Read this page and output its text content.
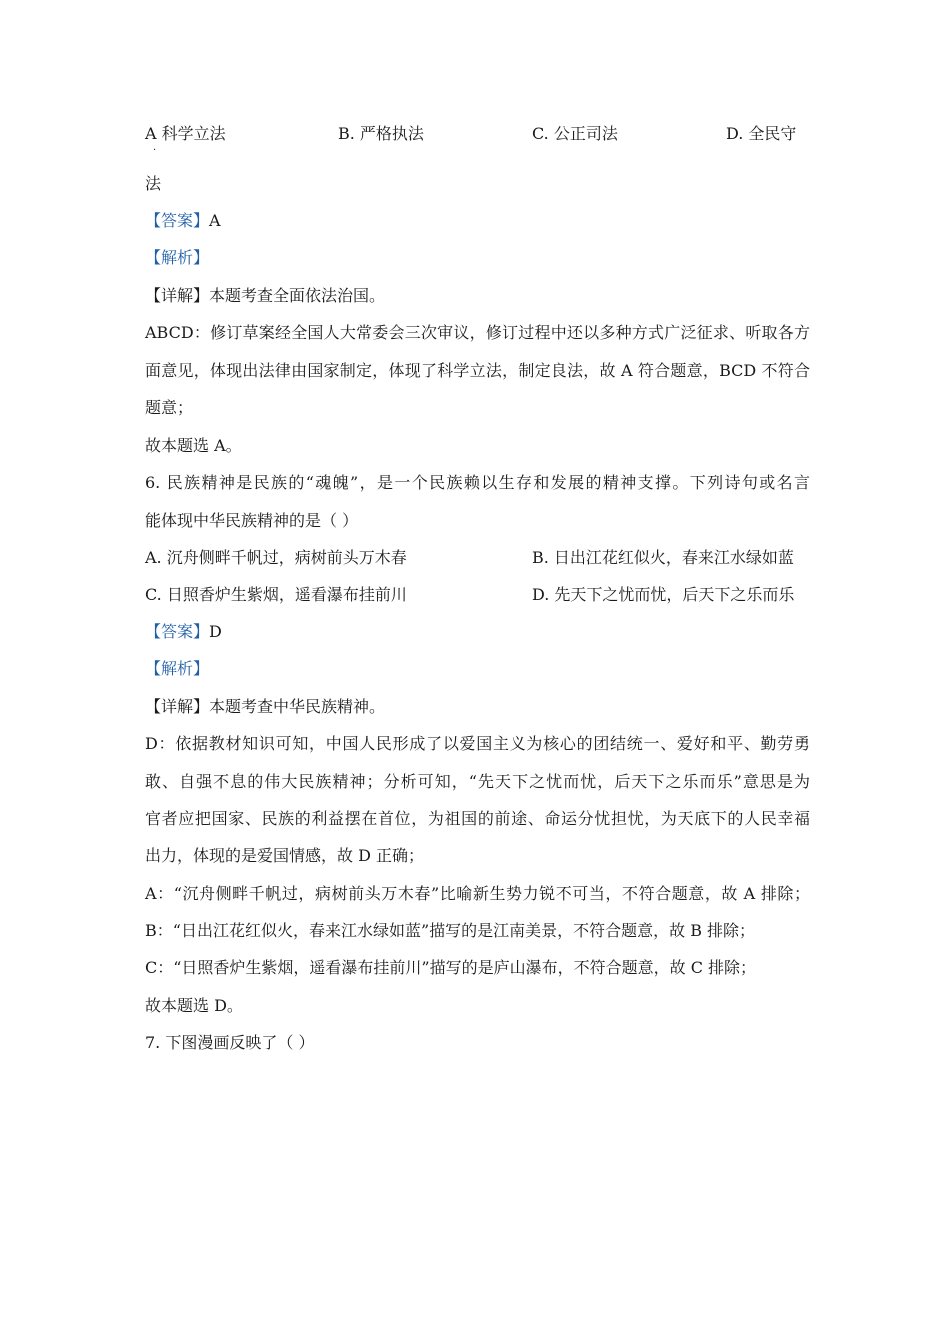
A 科学立法
·
B. 严格执法	C. 公正司法	D. 全民守
法
【答案】A
【解析】
【详解】本题考查全面依法治国。
ABCD：修订草案经全国人大常委会三次审议，修订过程中还以多种方式广泛征求、听取各方
面意见，体现出法律由国家制定，体现了科学立法，制定良法，故 A 符合题意，BCD 不符合
题意；
故本题选 A。
6. 民族精神是民族的“魂魄”，是一个民族赖以生存和发展的精神支撑。下列诗句或名言
能体现中华民族精神的是（ ）
A. 沉舟侧畔千帆过，病树前头万木春	B. 日出江花红似火，春来江水绿如蓝
C. 日照香炉生紫烟，遥看瀑布挂前川	D. 先天下之忧而忧，后天下之乐而乐
【答案】D
【解析】
【详解】本题考查中华民族精神。
D：依据教材知识可知，中国人民形成了以爱国主义为核心的团结统一、爱好和平、勤劳勇
敢、自强不息的伟大民族精神；分析可知，“先天下之忧而忧，后天下之乐而乐”意思是为
官者应把国家、民族的利益摆在首位，为祖国的前途、命运分忧担忧，为天底下的人民幸福
出力，体现的是爱国情感，故 D 正确；
A：“沉舟侧畔千帆过，病树前头万木春”比喻新生势力锐不可当，不符合题意，故 A 排除；
B：“日出江花红似火，春来江水绿如蓝”描写的是江南美景，不符合题意，故 B 排除；
C：“日照香炉生紫烟，遥看瀑布挂前川”描写的是庐山瀑布，不符合题意，故 C 排除；
故本题选 D。
7. 下图漫画反映了（ ）
